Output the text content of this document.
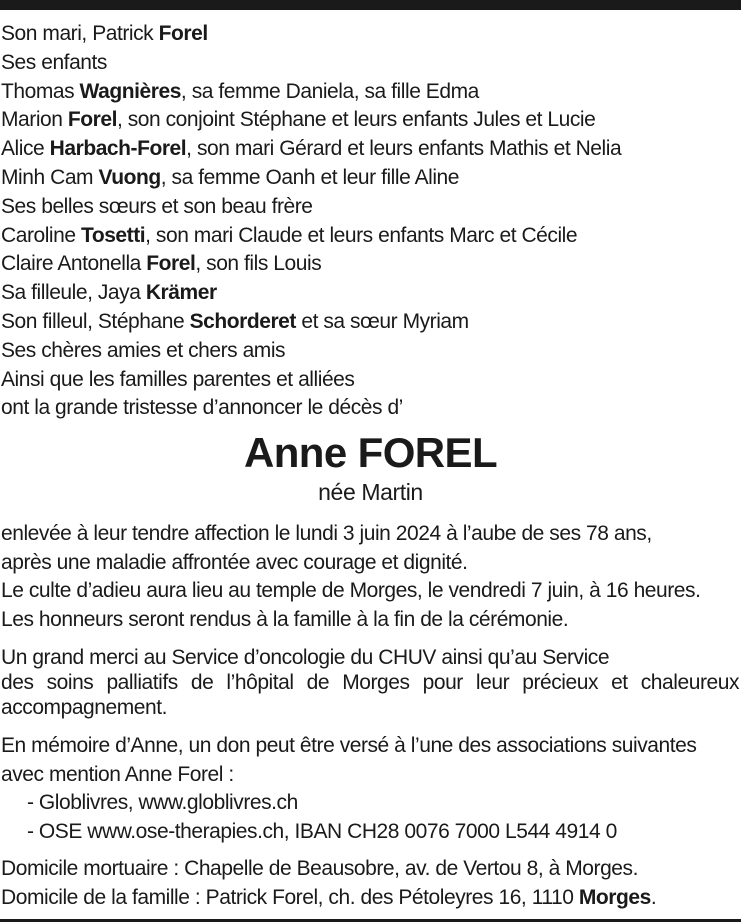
Son mari, Patrick Forel
Ses enfants
Thomas Wagnières, sa femme Daniela, sa fille Edma
Marion Forel, son conjoint Stéphane et leurs enfants Jules et Lucie
Alice Harbach-Forel, son mari Gérard et leurs enfants Mathis et Nelia
Minh Cam Vuong, sa femme Oanh et leur fille Aline
Ses belles sœurs et son beau frère
Caroline Tosetti, son mari Claude et leurs enfants Marc et Cécile
Claire Antonella Forel, son fils Louis
Sa filleule, Jaya Krämer
Son filleul, Stéphane Schorderet et sa sœur Myriam
Ses chères amies et chers amis
Ainsi que les familles parentes et alliées
ont la grande tristesse d’annoncer le décès d’
Anne FOREL
née Martin
enlevée à leur tendre affection le lundi 3 juin 2024 à l’aube de ses 78 ans,
après une maladie affrontée avec courage et dignité.
Le culte d’adieu aura lieu au temple de Morges, le vendredi 7 juin, à 16 heures.
Les honneurs seront rendus à la famille à la fin de la cérémonie.
Un grand merci au Service d’oncologie du CHUV ainsi qu’au Service
des soins palliatifs de l’hôpital de Morges pour leur précieux et chaleureux
accompagnement.
En mémoire d’Anne, un don peut être versé à l’une des associations suivantes
avec mention Anne Forel :
- Globlivres, www.globlivres.ch
- OSE www.ose-therapies.ch, IBAN CH28 0076 7000 L544 4914 0
Domicile mortuaire : Chapelle de Beausobre, av. de Vertou 8, à Morges.
Domicile de la famille : Patrick Forel, ch. des Pétoleyres 16, 1110 Morges.
